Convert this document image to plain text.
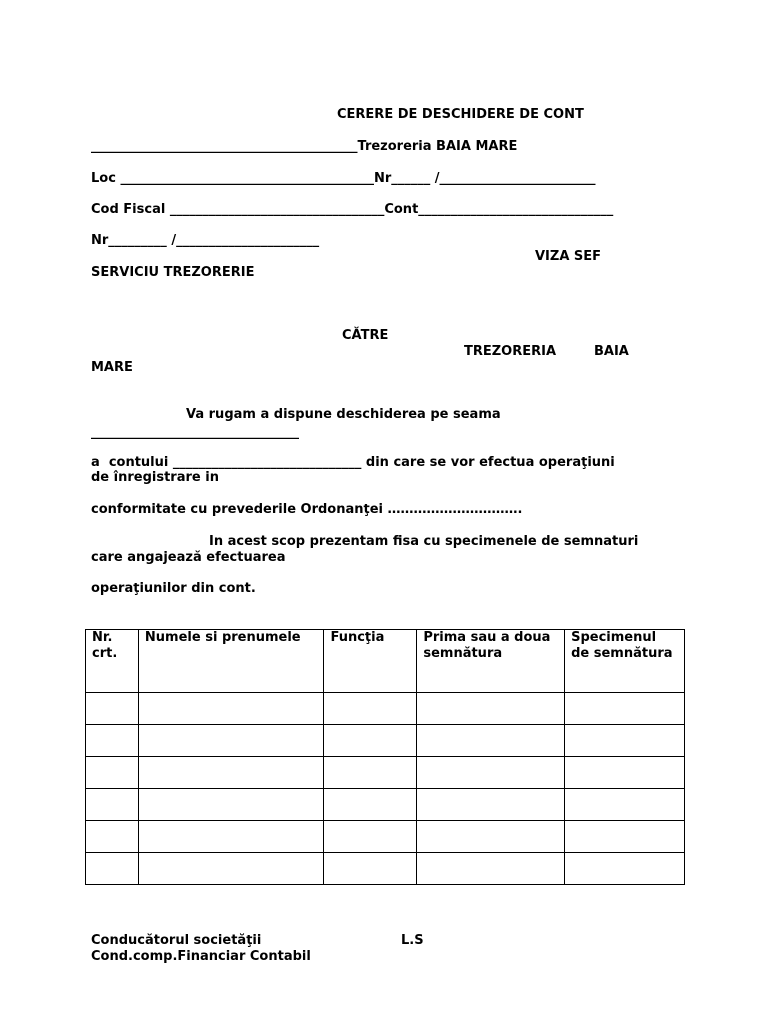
CERERE DE DESCHIDERE DE CONT
_________________________________________Trezoreria BAIA MARE
Loc _______________________________________Nr______ /________________________
Cod Fiscal _________________________________Cont______________________________
Nr_________ /______________________
VIZA SEF
SERVICIU TREZORERIE
CĂTRE
TREZORERIA	BAIA
MARE
Va rugam a dispune deschiderea pe seama
________________________________
a  contului _____________________________ din care se vor efectua operaţiuni
de înregistrare in
conformitate cu prevederile Ordonanţei ………………………….
In acest scop prezentam fisa cu specimenele de semnaturi
care angajează efectuarea
operaţiunilor din cont.
Nr. crt.	Numele si prenumele	Funcţia	Prima sau a doua semnătura	Specimenul de semnătura

Conducătorul societăţii	L.S
Cond.comp.Financiar Contabil
